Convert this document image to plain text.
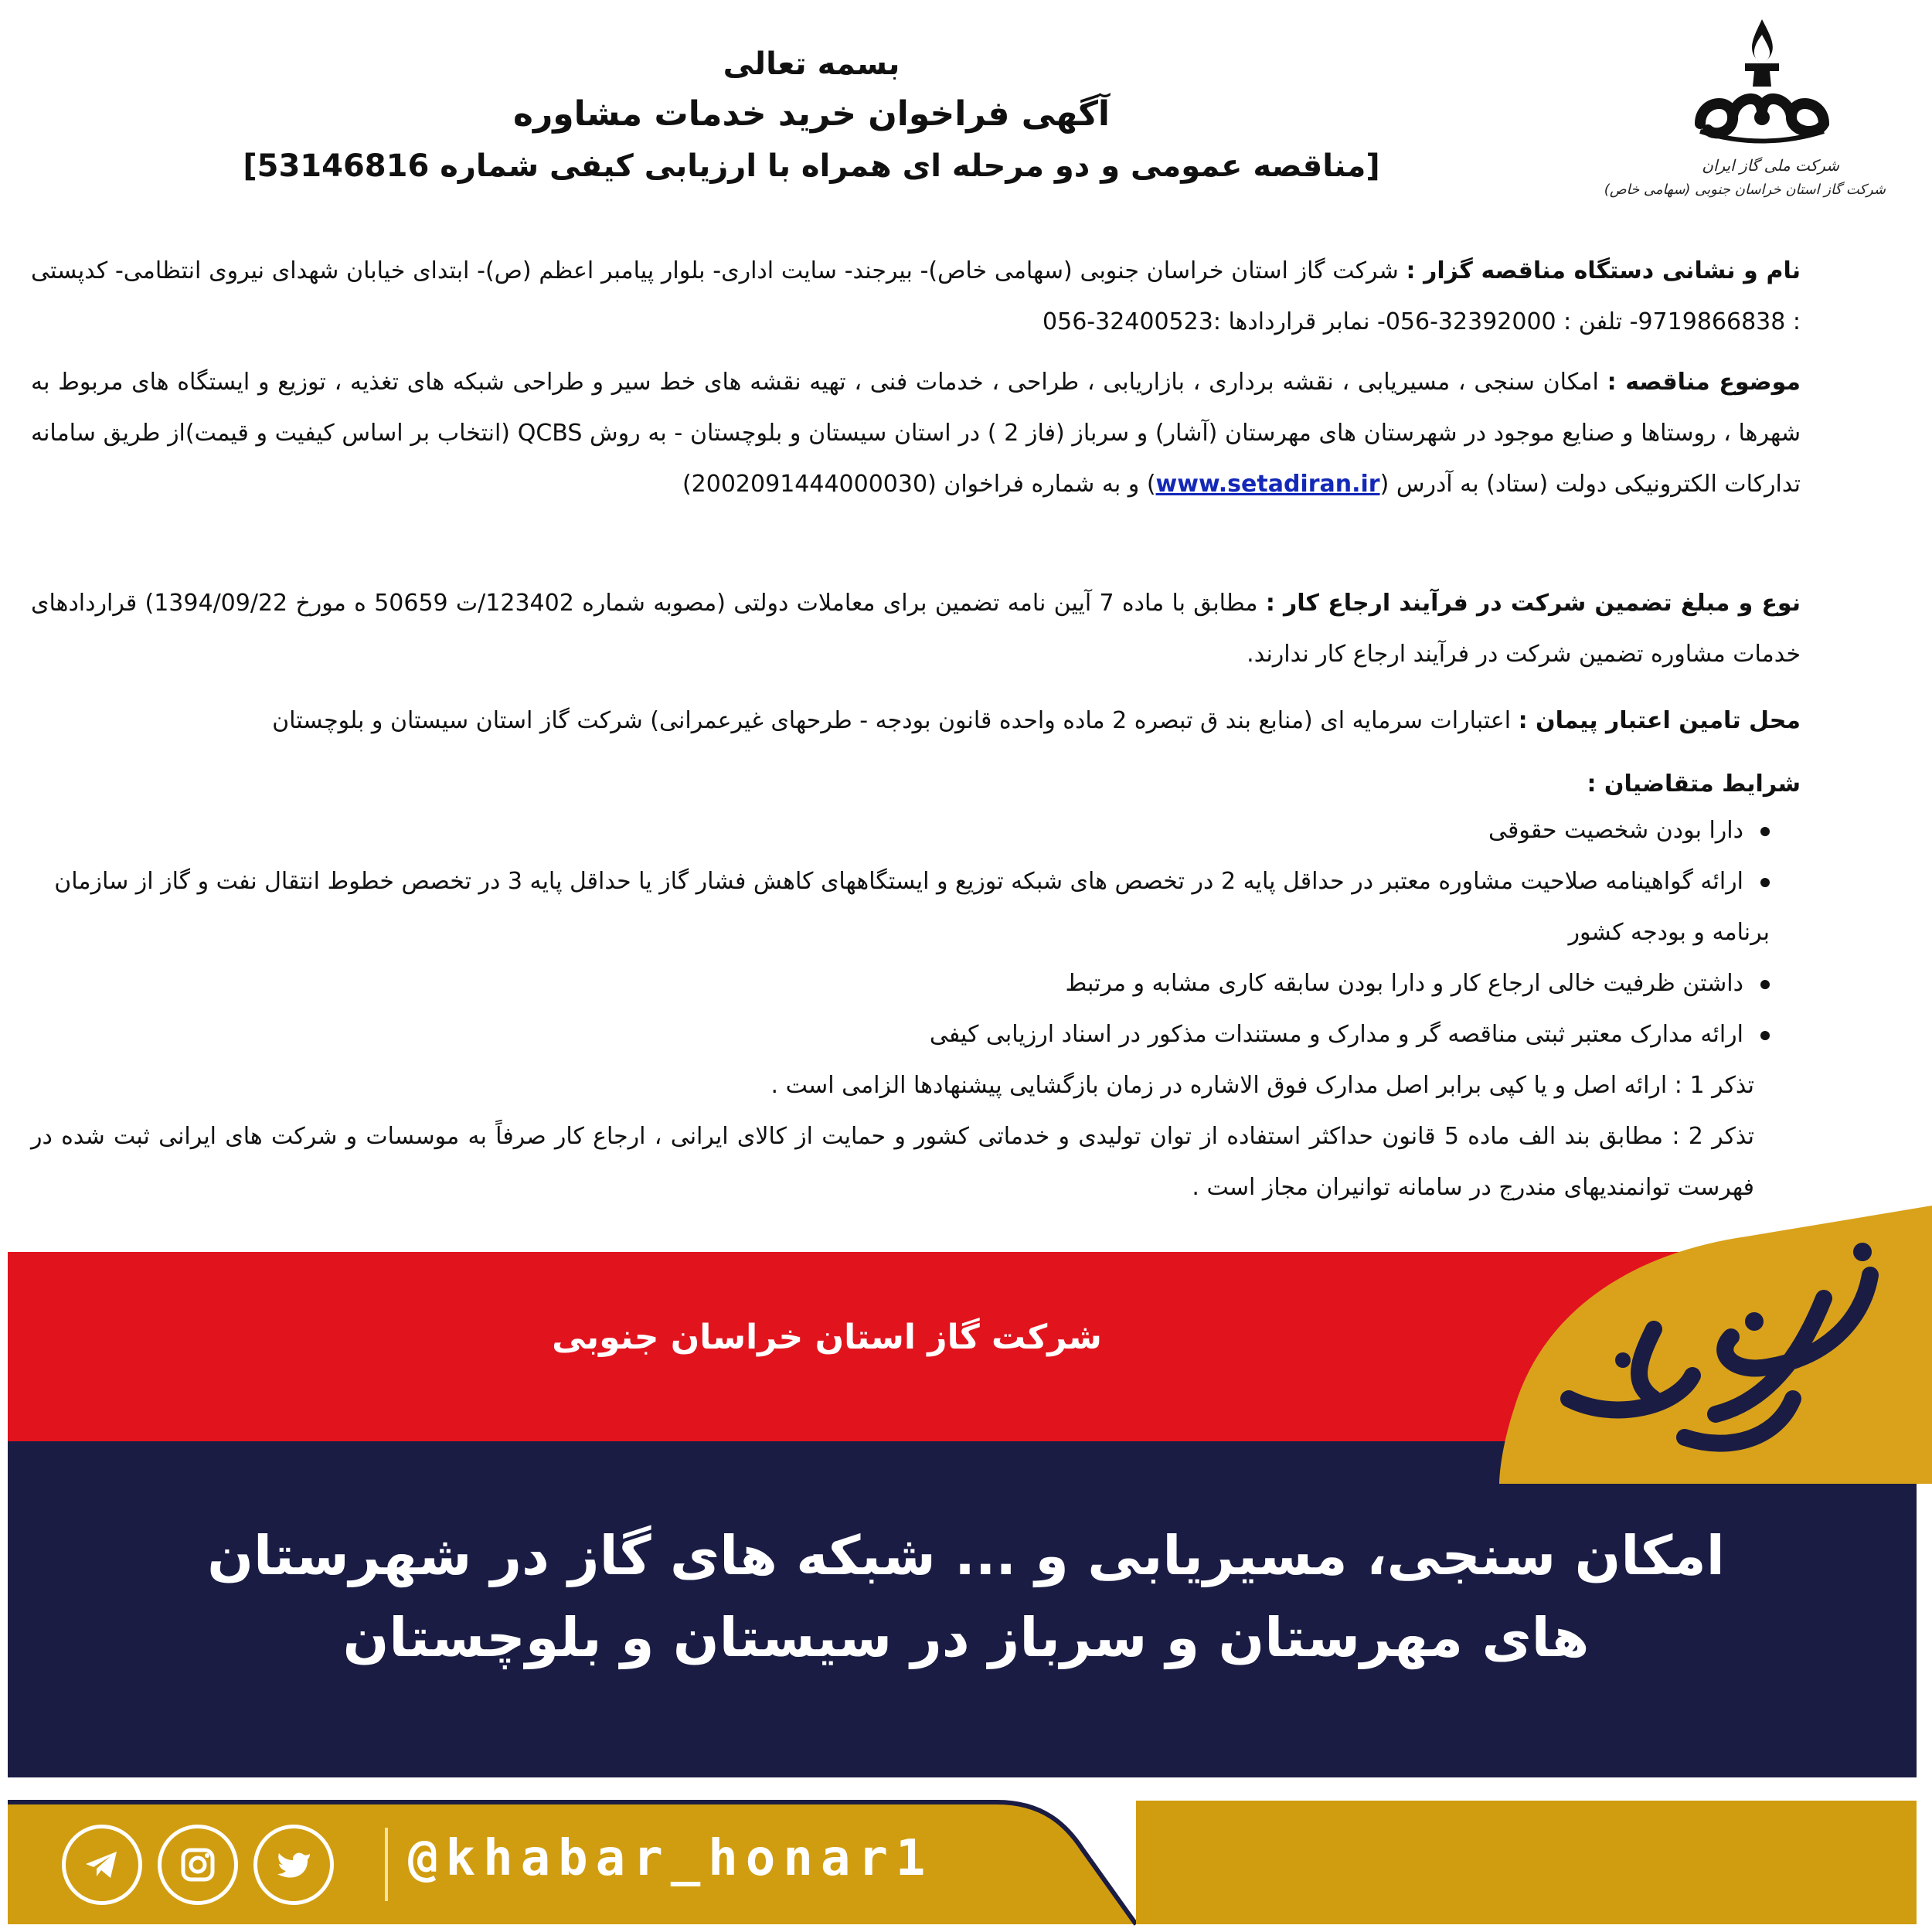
شرکت ملی گاز ایران
شرکت گاز استان خراسان جنوبی (سهامی خاص)
بسمه تعالی
آگهی فراخوان خرید خدمات مشاوره
[مناقصه عمومی و دو مرحله ای همراه با ارزیابی کیفی شماره 53146816]
نام و نشانی دستگاه مناقصه گزار : شرکت گاز استان خراسان جنوبی (سهامی خاص)- بیرجند- سایت اداری- بلوار پیامبر اعظم (ص)- ابتدای خیابان شهدای نیروی انتظامی- کدپستی : 9719866838- تلفن : 32392000-056- نمابر قراردادها :32400523-056
موضوع مناقصه : امکان سنجی ، مسیریابی ، نقشه برداری ، بازاریابی ، طراحی ، خدمات فنی ، تهیه نقشه های خط سیر و طراحی شبکه های تغذیه ، توزیع و ایستگاه های مربوط به شهرها ، روستاها و صنایع موجود در شهرستان های مهرستان (آشار) و سرباز (فاز 2 ) در استان سیستان و بلوچستان - به روش QCBS (انتخاب بر اساس کیفیت و قیمت)از طریق سامانه تدارکات الکترونیکی دولت (ستاد) به آدرس (www.setadiran.ir) و به شماره فراخوان (2002091444000030)
نوع و مبلغ تضمین شرکت در فرآیند ارجاع کار : مطابق با ماده 7 آیین نامه تضمین برای معاملات دولتی (مصوبه شماره 123402/ت 50659 ه مورخ 1394/09/22) قراردادهای خدمات مشاوره تضمین شرکت در فرآیند ارجاع کار ندارند.
محل تامین اعتبار پیمان : اعتبارات سرمایه ای (منابع بند ق تبصره 2 ماده واحده قانون بودجه - طرحهای غیرعمرانی) شرکت گاز استان سیستان و بلوچستان
شرایط متقاضیان :
دارا بودن شخصیت حقوقی
ارائه گواهینامه صلاحیت مشاوره معتبر در حداقل پایه 2 در تخصص های شبکه توزیع و ایستگاههای کاهش فشار گاز یا حداقل پایه 3 در تخصص خطوط انتقال نفت و گاز از سازمان برنامه و بودجه کشور
داشتن ظرفیت خالی ارجاع کار و دارا بودن سابقه کاری مشابه و مرتبط
ارائه مدارک معتبر ثبتی مناقصه گر و مدارک و مستندات مذکور در اسناد ارزیابی کیفی
تذکر 1 : ارائه اصل و یا کپی برابر اصل مدارک فوق الاشاره در زمان بازگشایی پیشنهادها الزامی است .
تذکر 2 : مطابق بند الف ماده 5 قانون حداکثر استفاده از توان تولیدی و خدماتی کشور و حمایت از کالای ایرانی ، ارجاع کار صرفاً به موسسات و شرکت های ایرانی ثبت شده در فهرست توانمندیهای مندرج در سامانه توانیران مجاز است .
شرکت گاز استان خراسان جنوبی
امکان سنجی، مسیریابی و ... شبکه های گاز در شهرستان
های مهرستان و سرباز در سیستان و بلوچستان
@khabar_honar1
